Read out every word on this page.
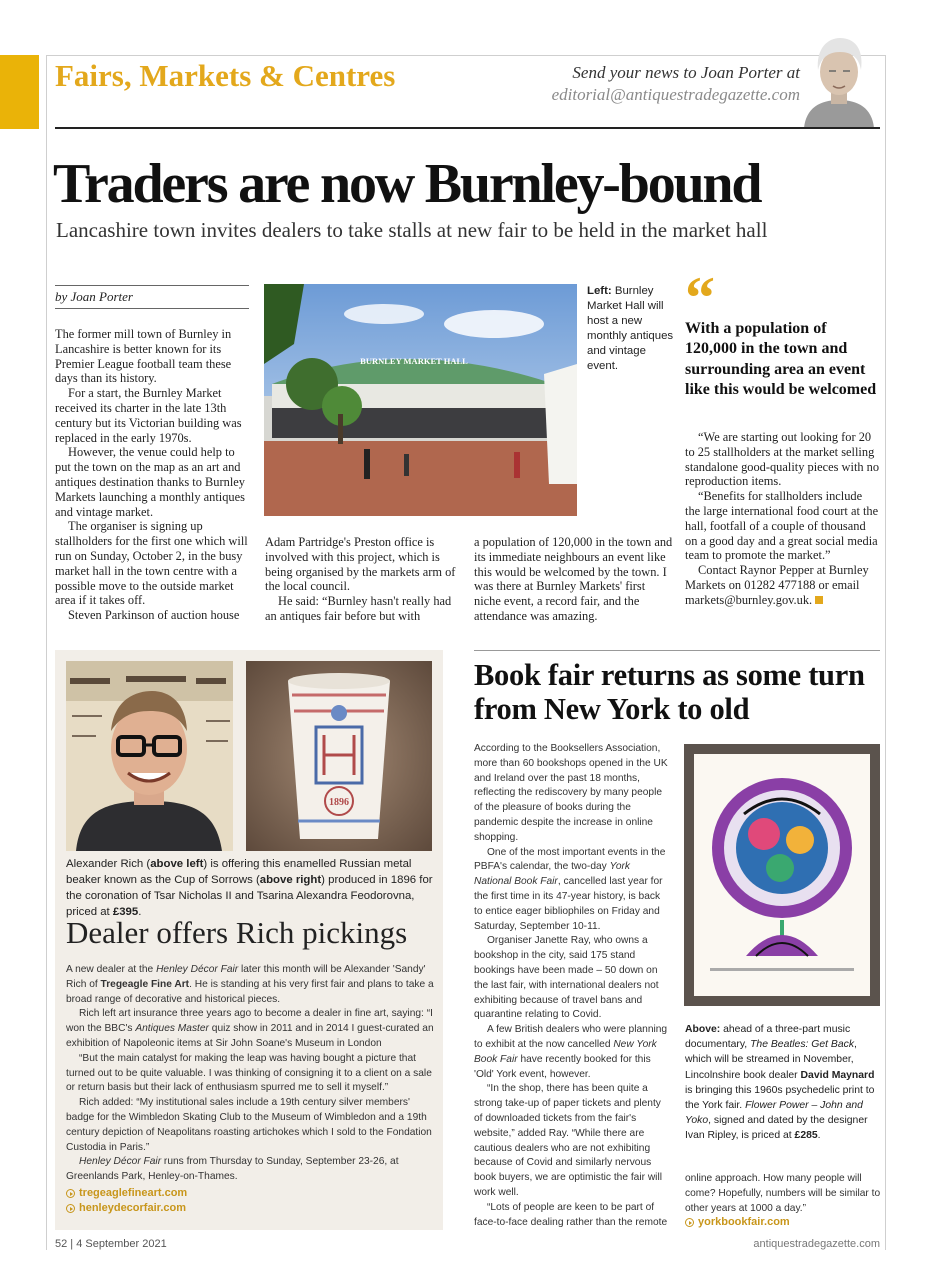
Fairs, Markets & Centres	Send your news to Joan Porter at
editorial@antiquestradegazette.com
Traders are now Burnley-bound
Lancashire town invites dealers to take stalls at new fair to be held in the market hall
by Joan Porter

The former mill town of Burnley in Lancashire is better known for its Premier League football team these days than its history.

For a start, the Burnley Market received its charter in the late 13th century but its Victorian building was replaced in the early 1970s.

However, the venue could help to put the town on the map as an art and antiques destination thanks to Burnley Markets launching a monthly antiques and vintage market.

The organiser is signing up stallholders for the first one which will run on Sunday, October 2, in the busy market hall in the town centre with a possible move to the outside market area if it takes off.

Steven Parkinson of auction house

BURNLEY MARKET HALL
Left: Burnley Market Hall will host a new monthly antiques and vintage event.

Adam Partridge's Preston office is involved with this project, which is being organised by the markets arm of the local council.

He said: “Burnley hasn't really had an antiques fair before but with

a population of 120,000 in the town and its immediate neighbours an event like this would be welcomed by the town. I was there at Burnley Markets' first niche event, a record fair, and the attendance was amazing.

“
With a population of 120,000 in the town and surrounding area an event like this would be welcomed

“We are starting out looking for 20 to 25 stallholders at the market selling standalone good-quality pieces with no reproduction items.

“Benefits for stallholders include the large international food court at the hall, footfall of a couple of thousand on a good day and a great social media team to promote the market.”

Contact Raynor Pepper at Burnley Markets on 01282 477188 or email markets@burnley.gov.uk.

1896
Alexander Rich (above left) is offering this enamelled Russian metal beaker known as the Cup of Sorrows (above right) produced in 1896 for the coronation of Tsar Nicholas II and Tsarina Alexandra Feodorovna, priced at £395.
Dealer offers Rich pickings

A new dealer at the Henley Décor Fair later this month will be Alexander 'Sandy' Rich of Tregeagle Fine Art. He is standing at his very first fair and plans to take a broad range of decorative and historical pieces.

Rich left art insurance three years ago to become a dealer in fine art, saying: “I won the BBC's Antiques Master quiz show in 2011 and in 2014 I guest-curated an exhibition of Napoleonic items at Sir John Soane's Museum in London

“But the main catalyst for making the leap was having bought a picture that turned out to be quite valuable. I was thinking of consigning it to a client on a sale or return basis but their lack of enthusiasm spurred me to sell it myself.”

Rich added: “My institutional sales include a 19th century silver members' badge for the Wimbledon Skating Club to the Museum of Wimbledon and a 19th century depiction of Neapolitans roasting artichokes which I sold to the Fondation Custodia in Paris.”

Henley Décor Fair runs from Thursday to Sunday, September 23-26, at Greenlands Park, Henley-on-Thames.

tregeaglefineart.com
henleydecorfair.com
Book fair returns as some turn from New York to old

According to the Booksellers Association, more than 60 bookshops opened in the UK and Ireland over the past 18 months, reflecting the rediscovery by many people of the pleasure of books during the pandemic despite the increase in online shopping.

One of the most important events in the PBFA's calendar, the two-day York National Book Fair, cancelled last year for the first time in its 47-year history, is back to entice eager bibliophiles on Friday and Saturday, September 10-11.

Organiser Janette Ray, who owns a bookshop in the city, said 175 stand bookings have been made – 50 down on the last fair, with international dealers not exhibiting because of travel bans and quarantine relating to Covid.

A few British dealers who were planning to exhibit at the now cancelled New York Book Fair have recently booked for this 'Old' York event, however.

“In the shop, there has been quite a strong take-up of paper tickets and plenty of downloaded tickets from the fair's website,” added Ray. “While there are cautious dealers who are not exhibiting because of Covid and similarly nervous book buyers, we are optimistic the fair will work well.

“Lots of people are keen to be part of face-to-face dealing rather than the remote

Above: ahead of a three-part music documentary, The Beatles: Get Back, which will be streamed in November, Lincolnshire book dealer David Maynard is bringing this 1960s psychedelic print to the York fair. Flower Power – John and Yoko, signed and dated by the designer Ivan Ripley, is priced at £285.

online approach. How many people will come? Hopefully, numbers will be similar to other years at 1000 a day.”

yorkbookfair.com
52 | 4 September 2021	antiquestradegazette.com
